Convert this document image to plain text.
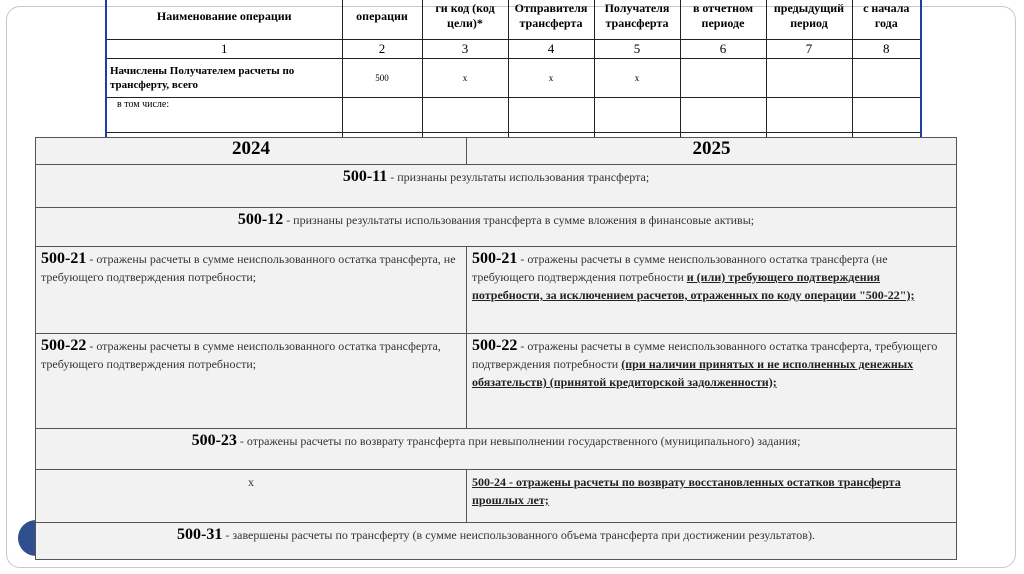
Наименование операции	операции	ги код (код цели)*	Отправителя трансферта	Получателя трансферта	в отчетном периоде	предыдущий период	с начала года
1	2	3	4	5	6	7	8
Начислены Получателем расчеты по трансферту, всего	500	x	x	x			
в том числе:							

2024	2025
500-11 - признаны результаты использования трансферта;	
500-12 - признаны результаты использования трансферта в сумме вложения в финансовые активы;	
500-21 - отражены расчеты в сумме неиспользованного остатка трансферта, не требующего подтверждения потребности;	500-21 - отражены расчеты в сумме неиспользованного остатка трансферта (не требующего подтверждения потребности и (или) требующего подтверждения потребности, за исключением расчетов, отраженных по коду операции "500-22");
500-22 - отражены расчеты в сумме неиспользованного остатка трансферта, требующего подтверждения потребности;	500-22 - отражены расчеты в сумме неиспользованного остатка трансферта, требующего подтверждения потребности (при наличии принятых и не исполненных денежных обязательств) (принятой кредиторской задолженности);
500-23 - отражены расчеты по возврату трансферта при невыполнении государственного (муниципального) задания;	
x	500-24 - отражены расчеты по возврату восстановленных остатков трансферта прошлых лет;
500-31 - завершены расчеты по трансферту (в сумме неиспользованного объема трансферта при достижении результатов).	
